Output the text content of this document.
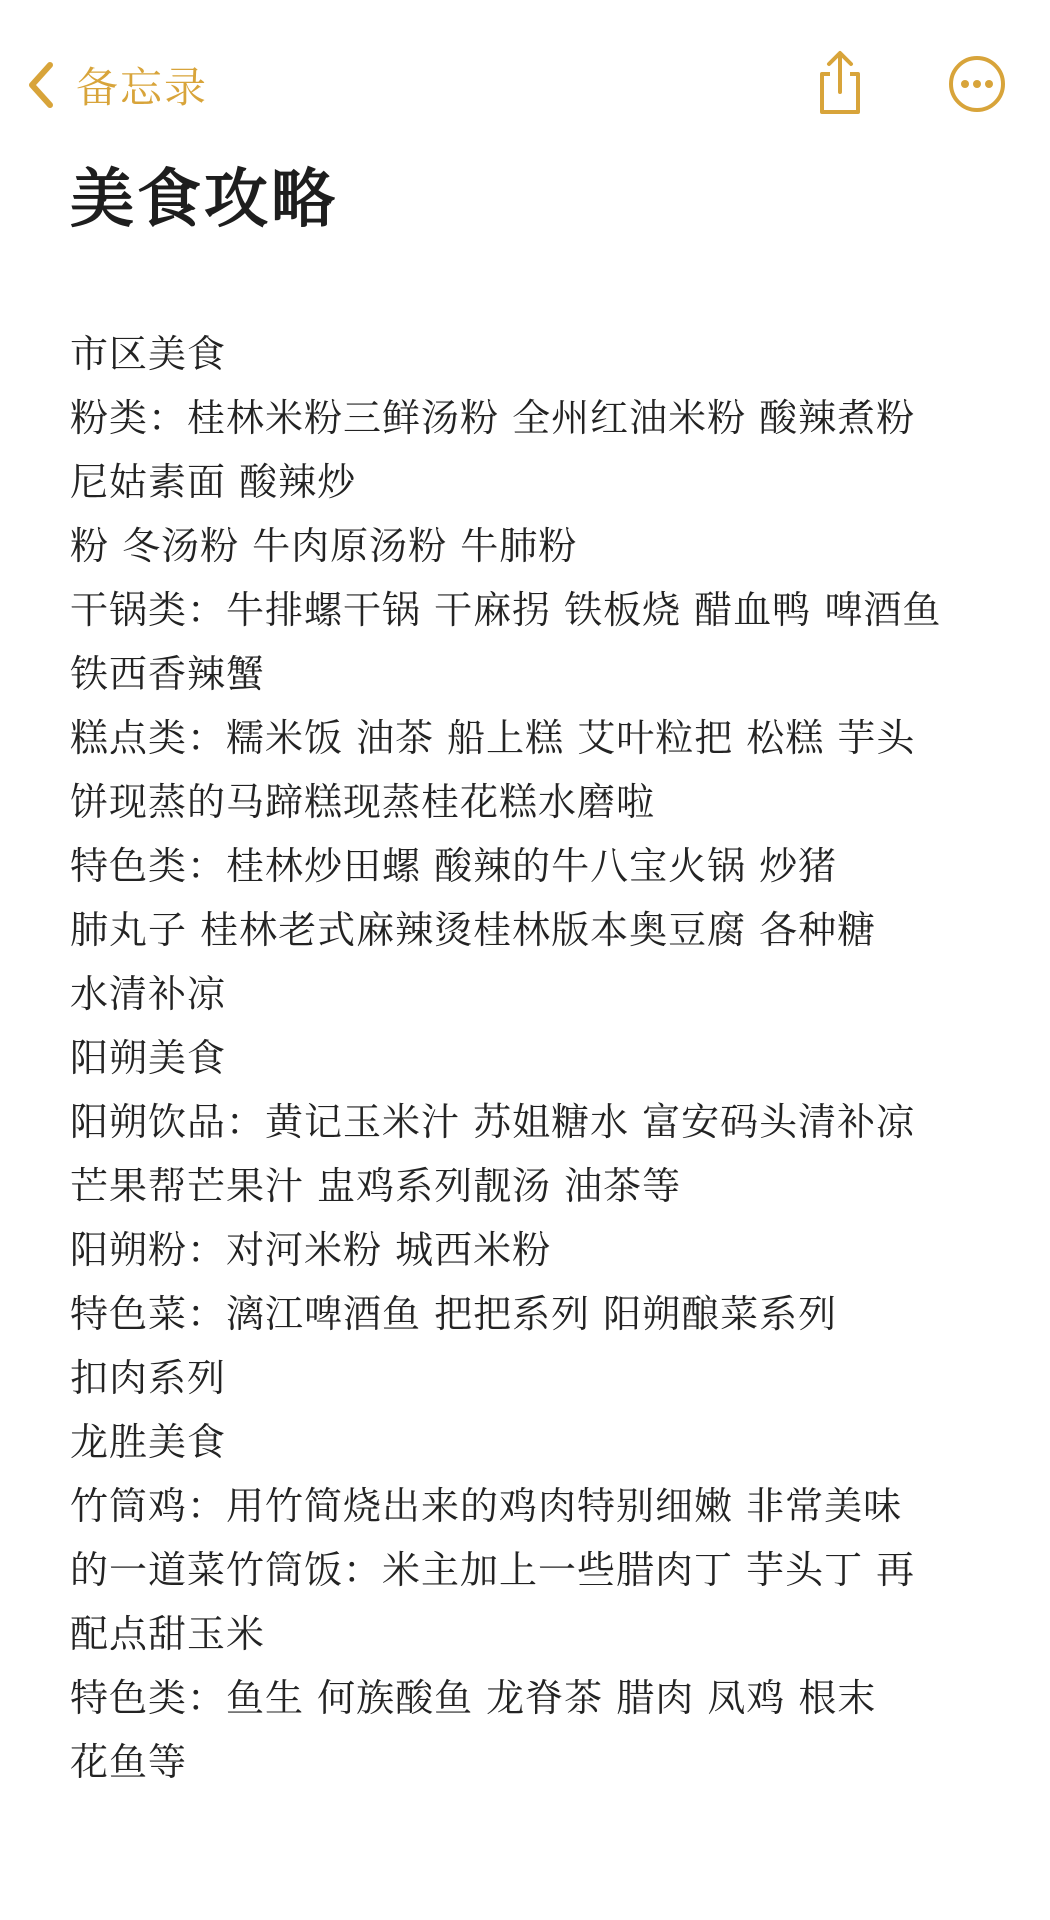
备忘录
美食攻略
市区美食
粉类：桂林米粉三鲜汤粉 全州红油米粉 酸辣煮粉
尼姑素面 酸辣炒
粉 冬汤粉 牛肉原汤粉 牛肺粉
干锅类：牛排螺干锅 干麻拐 铁板烧 醋血鸭 啤酒鱼
铁西香辣蟹
糕点类：糯米饭 油茶 船上糕 艾叶粒把 松糕 芋头
饼现蒸的马蹄糕现蒸桂花糕水磨啦
特色类：桂林炒田螺 酸辣的牛八宝火锅 炒猪
肺丸子 桂林老式麻辣烫桂林版本奥豆腐 各种糖
水清补凉
阳朔美食
阳朔饮品：黄记玉米汁 苏姐糖水 富安码头清补凉
芒果帮芒果汁 盅鸡系列靓汤 油茶等
阳朔粉：对河米粉 城西米粉
特色菜：漓江啤酒鱼 把把系列 阳朔酿菜系列
扣肉系列
龙胜美食
竹筒鸡：用竹简烧出来的鸡肉特别细嫩 非常美味
的一道菜竹筒饭：米主加上一些腊肉丁 芋头丁 再
配点甜玉米
特色类：鱼生 何族酸鱼 龙脊茶 腊肉 凤鸡 根末
花鱼等
